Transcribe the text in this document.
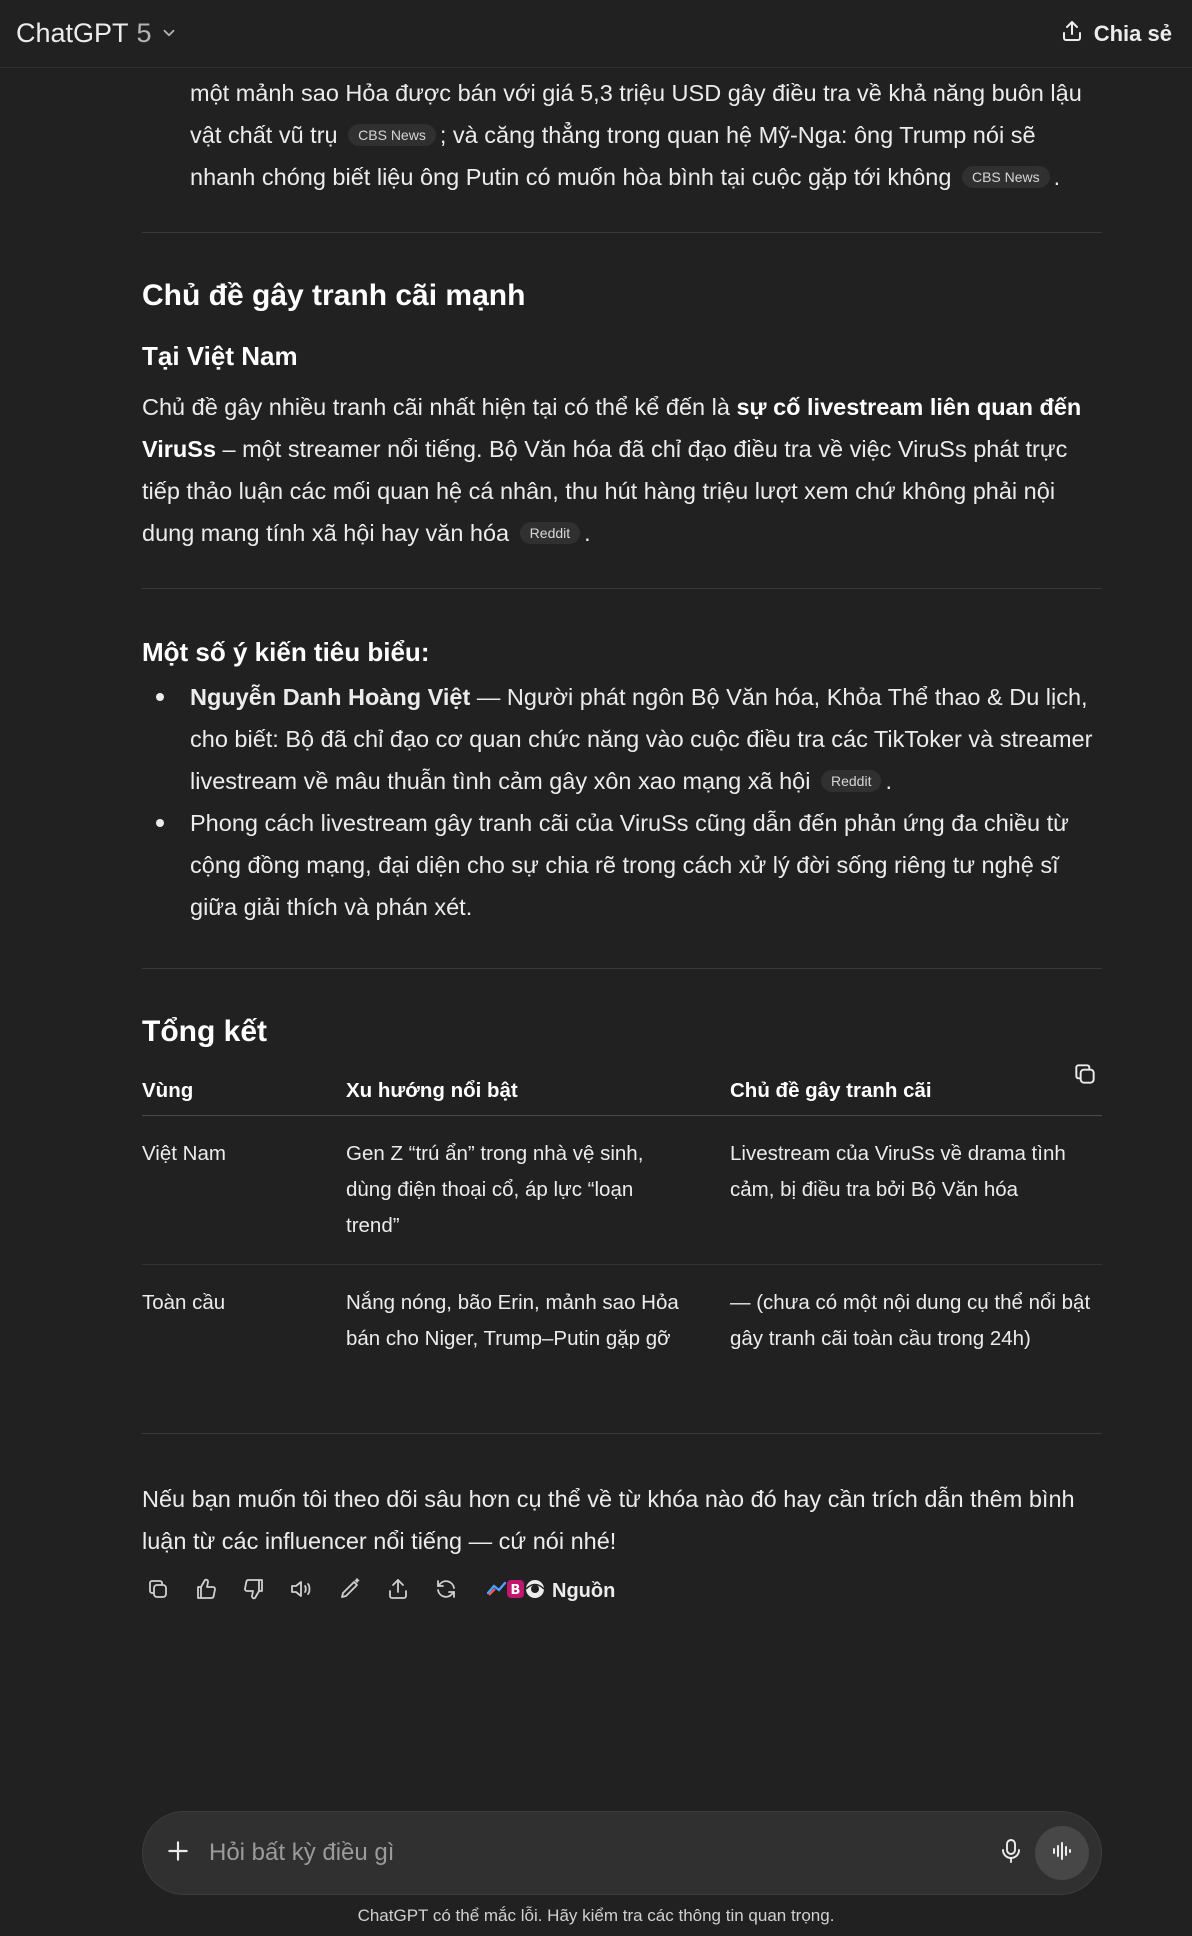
ChatGPT 5	Chia sẻ

một mảnh sao Hỏa được bán với giá 5,3 triệu USD gây điều tra về khả năng buôn lậu vật chất vũ trụ CBS News ; và căng thẳng trong quan hệ Mỹ-Nga: ông Trump nói sẽ nhanh chóng biết liệu ông Putin có muốn hòa bình tại cuộc gặp tới không CBS News .

Chủ đề gây tranh cãi mạnh
Tại Việt Nam

Chủ đề gây nhiều tranh cãi nhất hiện tại có thể kể đến là sự cố livestream liên quan đến ViruSs – một streamer nổi tiếng. Bộ Văn hóa đã chỉ đạo điều tra về việc ViruSs phát trực tiếp thảo luận các mối quan hệ cá nhân, thu hút hàng triệu lượt xem chứ không phải nội dung mang tính xã hội hay văn hóa Reddit .

Một số ý kiến tiêu biểu:
Nguyễn Danh Hoàng Việt — Người phát ngôn Bộ Văn hóa, Khỏa Thể thao & Du lịch, cho biết: Bộ đã chỉ đạo cơ quan chức năng vào cuộc điều tra các TikToker và streamer livestream về mâu thuẫn tình cảm gây xôn xao mạng xã hội Reddit .
Phong cách livestream gây tranh cãi của ViruSs cũng dẫn đến phản ứng đa chiều từ cộng đồng mạng, đại diện cho sự chia rẽ trong cách xử lý đời sống riêng tư nghệ sĩ giữa giải thích và phán xét.
Tổng kết
Vùng	Xu hướng nổi bật	Chủ đề gây tranh cãi
Việt Nam	Gen Z “trú ẩn” trong nhà vệ sinh, dùng điện thoại cổ, áp lực “loạn trend”	Livestream của ViruSs về drama tình cảm, bị điều tra bởi Bộ Văn hóa
Toàn cầu	Nắng nóng, bão Erin, mảnh sao Hỏa bán cho Niger, Trump–Putin gặp gỡ	— (chưa có một nội dung cụ thể nổi bật gây tranh cãi toàn cầu trong 24h)

Nếu bạn muốn tôi theo dõi sâu hơn cụ thể về từ khóa nào đó hay cần trích dẫn thêm bình luận từ các influencer nổi tiếng — cứ nói nhé!

B Nguồn
Hỏi bất kỳ điều gì
ChatGPT có thể mắc lỗi. Hãy kiểm tra các thông tin quan trọng.
